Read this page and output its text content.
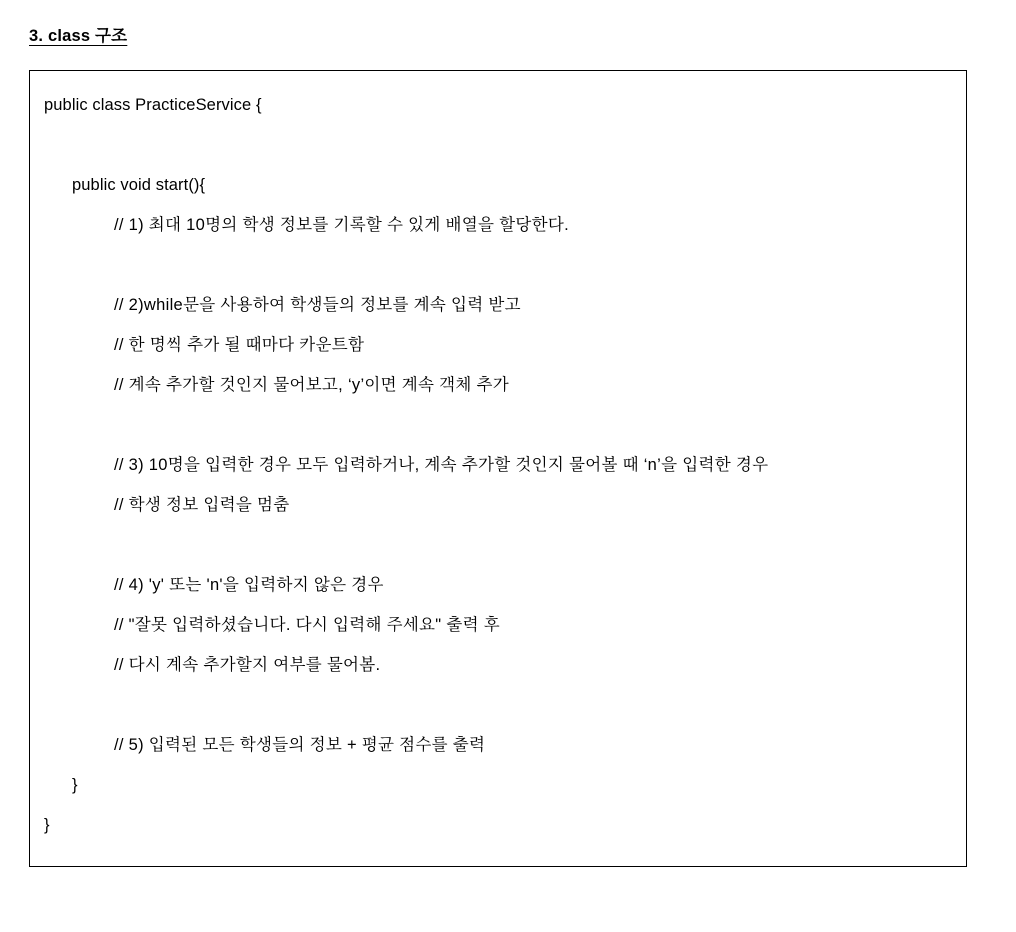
3. class 구조
public class PracticeService {
public void start(){
// 1) 최대 10명의 학생 정보를 기록할 수 있게 배열을 할당한다.
// 2)while문을 사용하여 학생들의 정보를 계속 입력 받고
// 한 명씩 추가 될 때마다 카운트함
// 계속 추가할 것인지 물어보고, ‘y’이면 계속 객체 추가
// 3) 10명을 입력한 경우 모두 입력하거나, 계속 추가할 것인지 물어볼 때 ‘n’을 입력한 경우
// 학생 정보 입력을 멈춤
// 4) 'y' 또는 'n'을 입력하지 않은 경우
// "잘못 입력하셨습니다. 다시 입력해 주세요" 출력 후
// 다시 계속 추가할지 여부를 물어봄.
// 5) 입력된 모든 학생들의 정보 + 평균 점수를 출력
}
}
